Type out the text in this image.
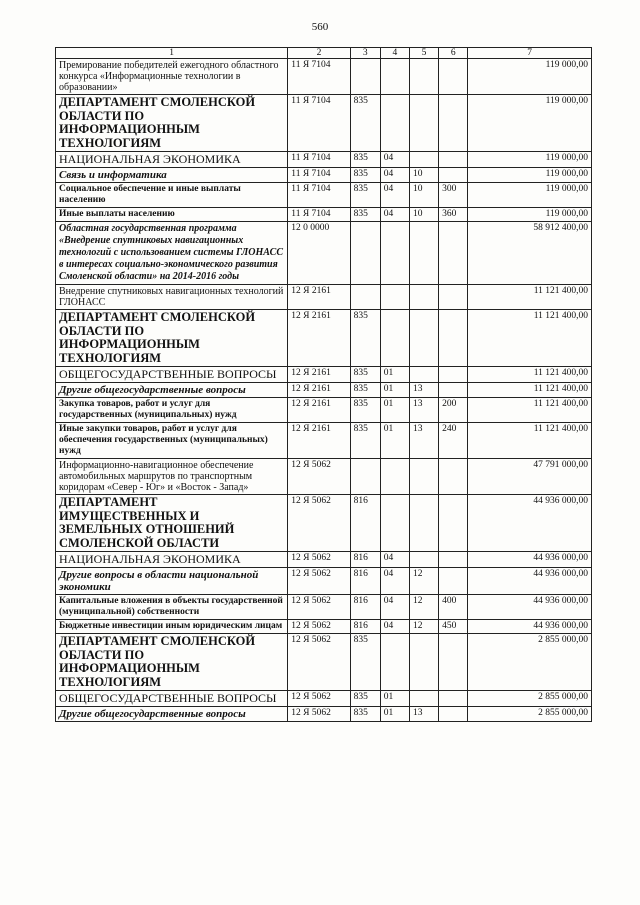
560
1	2	3	4	5	6	7
Премирование победителей ежегодного областного конкурса «Информационные технологии в образовании»	11 Я 7104					119 000,00
ДЕПАРТАМЕНТ СМОЛЕНСКОЙ ОБЛАСТИ ПО ИНФОРМАЦИОННЫМ ТЕХНОЛОГИЯМ	11 Я 7104	835				119 000,00
НАЦИОНАЛЬНАЯ ЭКОНОМИКА	11 Я 7104	835	04			119 000,00
Связь и информатика	11 Я 7104	835	04	10		119 000,00
Социальное обеспечение и иные выплаты населению	11 Я 7104	835	04	10	300	119 000,00
Иные выплаты населению	11 Я 7104	835	04	10	360	119 000,00
Областная государственная программа «Внедрение спутниковых навигационных технологий с использованием системы ГЛОНАСС в интересах социально-экономического развития Смоленской области» на 2014-2016 годы	12 0 0000					58 912 400,00
Внедрение спутниковых навигационных технологий ГЛОНАСС	12 Я 2161					11 121 400,00
ДЕПАРТАМЕНТ СМОЛЕНСКОЙ ОБЛАСТИ ПО ИНФОРМАЦИОННЫМ ТЕХНОЛОГИЯМ	12 Я 2161	835				11 121 400,00
ОБЩЕГОСУДАРСТВЕННЫЕ ВОПРОСЫ	12 Я 2161	835	01			11 121 400,00
Другие общегосударственные вопросы	12 Я 2161	835	01	13		11 121 400,00
Закупка товаров, работ и услуг для государственных (муниципальных) нужд	12 Я 2161	835	01	13	200	11 121 400,00
Иные закупки товаров, работ и услуг для обеспечения государственных (муниципальных) нужд	12 Я 2161	835	01	13	240	11 121 400,00
Информационно-навигационное обеспечение автомобильных маршрутов по транспортным коридорам «Север - Юг» и «Восток - Запад»	12 Я 5062					47 791 000,00
ДЕПАРТАМЕНТ ИМУЩЕСТВЕННЫХ И ЗЕМЕЛЬНЫХ ОТНОШЕНИЙ СМОЛЕНСКОЙ ОБЛАСТИ	12 Я 5062	816				44 936 000,00
НАЦИОНАЛЬНАЯ ЭКОНОМИКА	12 Я 5062	816	04			44 936 000,00
Другие вопросы в области национальной экономики	12 Я 5062	816	04	12		44 936 000,00
Капитальные вложения в объекты государственной (муниципальной) собственности	12 Я 5062	816	04	12	400	44 936 000,00
Бюджетные инвестиции иным юридическим лицам	12 Я 5062	816	04	12	450	44 936 000,00
ДЕПАРТАМЕНТ СМОЛЕНСКОЙ ОБЛАСТИ ПО ИНФОРМАЦИОННЫМ ТЕХНОЛОГИЯМ	12 Я 5062	835				2 855 000,00
ОБЩЕГОСУДАРСТВЕННЫЕ ВОПРОСЫ	12 Я 5062	835	01			2 855 000,00
Другие общегосударственные вопросы	12 Я 5062	835	01	13		2 855 000,00
